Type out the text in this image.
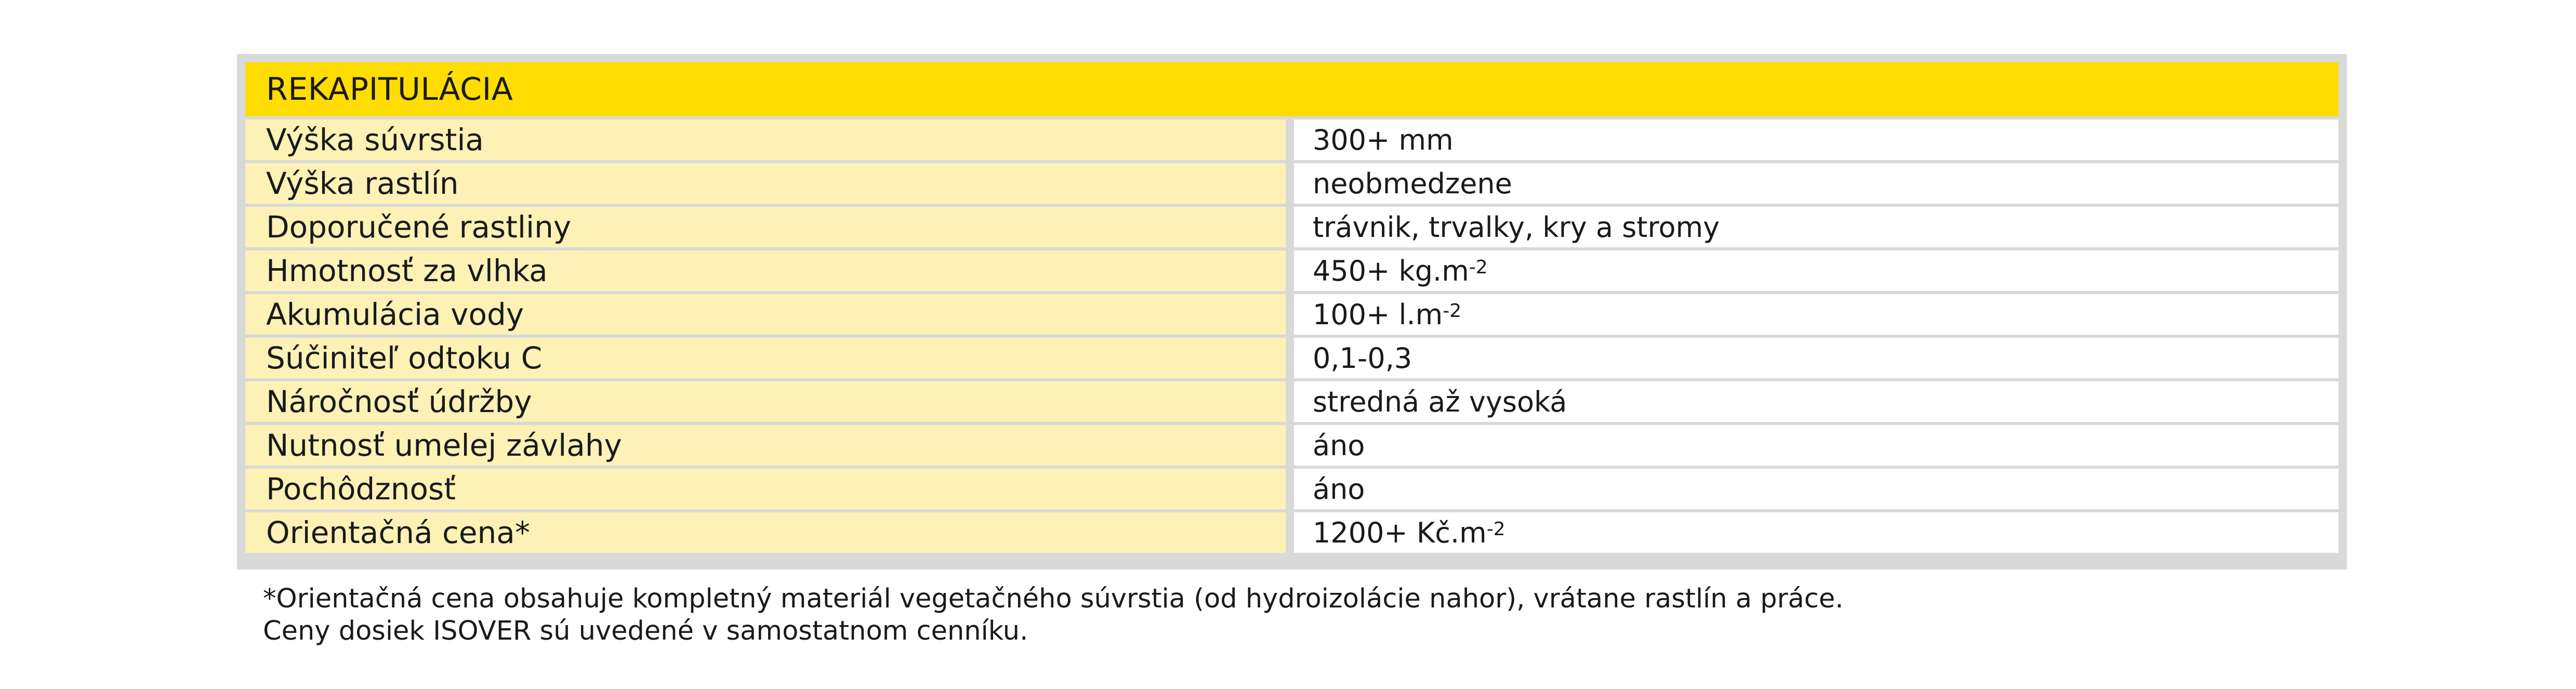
REKAPITULÁCIA
Výška súvrstia	300+ mm
Výška rastlín	neobmedzene
Doporučené rastliny	trávnik, trvalky, kry a stromy
Hmotnosť za vlhka	$450+ kg.m^{-2}$
Akumulácia vody	$100+ l.m^{-2}$
Súčiniteľ odtoku C	0,1-0,3
Náročnosť údržby	stredná až vysoká
Nutnosť umelej závlahy	áno
Pochôdznosť	áno
Orientačná cena*	$1200+ Kč.m^{-2}$
*Orientačná cena obsahuje kompletný materiál vegetačného súvrstia (od hydroizolácie nahor), vrátane rastlín a práce.
Ceny dosiek ISOVER sú uvedené v samostatnom cenníku.
